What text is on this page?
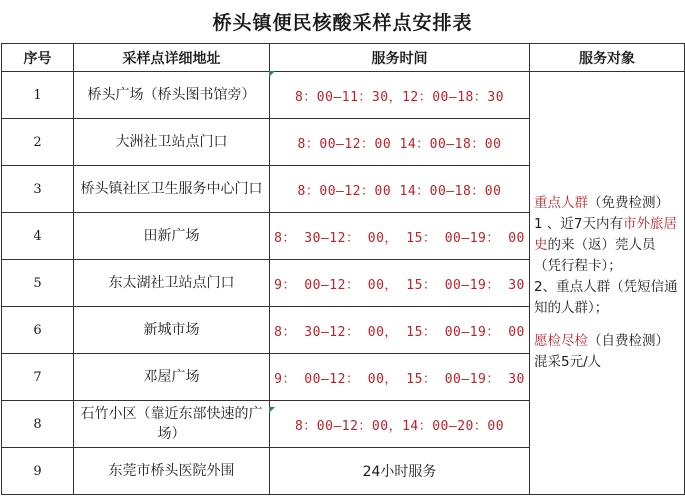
桥头镇便民核酸采样点安排表
序号	采样点详细地址	服务时间	服务对象
1	桥头广场（桥头图书馆旁）	8：00–11：30，12：00–18：30	重点人群（免费检测）
1 、近7天内有市外旅居史的来（返）莞人员（凭行程卡）；
2、重点人群（凭短信通知的人群）；
愿检尽检（自费检测）
混采5元/人

2	大洲社卫站点门口	8：00–12：00 14：00–18：00	
3	桥头镇社区卫生服务中心门口	8：00–12：00 14：00–18：00	
4	田新广场	8： 30—12： 00， 15： 00—19： 00	
5	东太湖社卫站点门口	9： 00—12： 00， 15： 00—19： 30	
6	新城市场	8： 30—12： 00， 15： 00—19： 00	
7	邓屋广场	9： 00—12： 00， 15： 00—19： 30	
8	石竹小区（靠近东部快速的广场）	8：00–12：00，14：00–20：00	
9	东莞市桥头医院外围	24小时服务	
